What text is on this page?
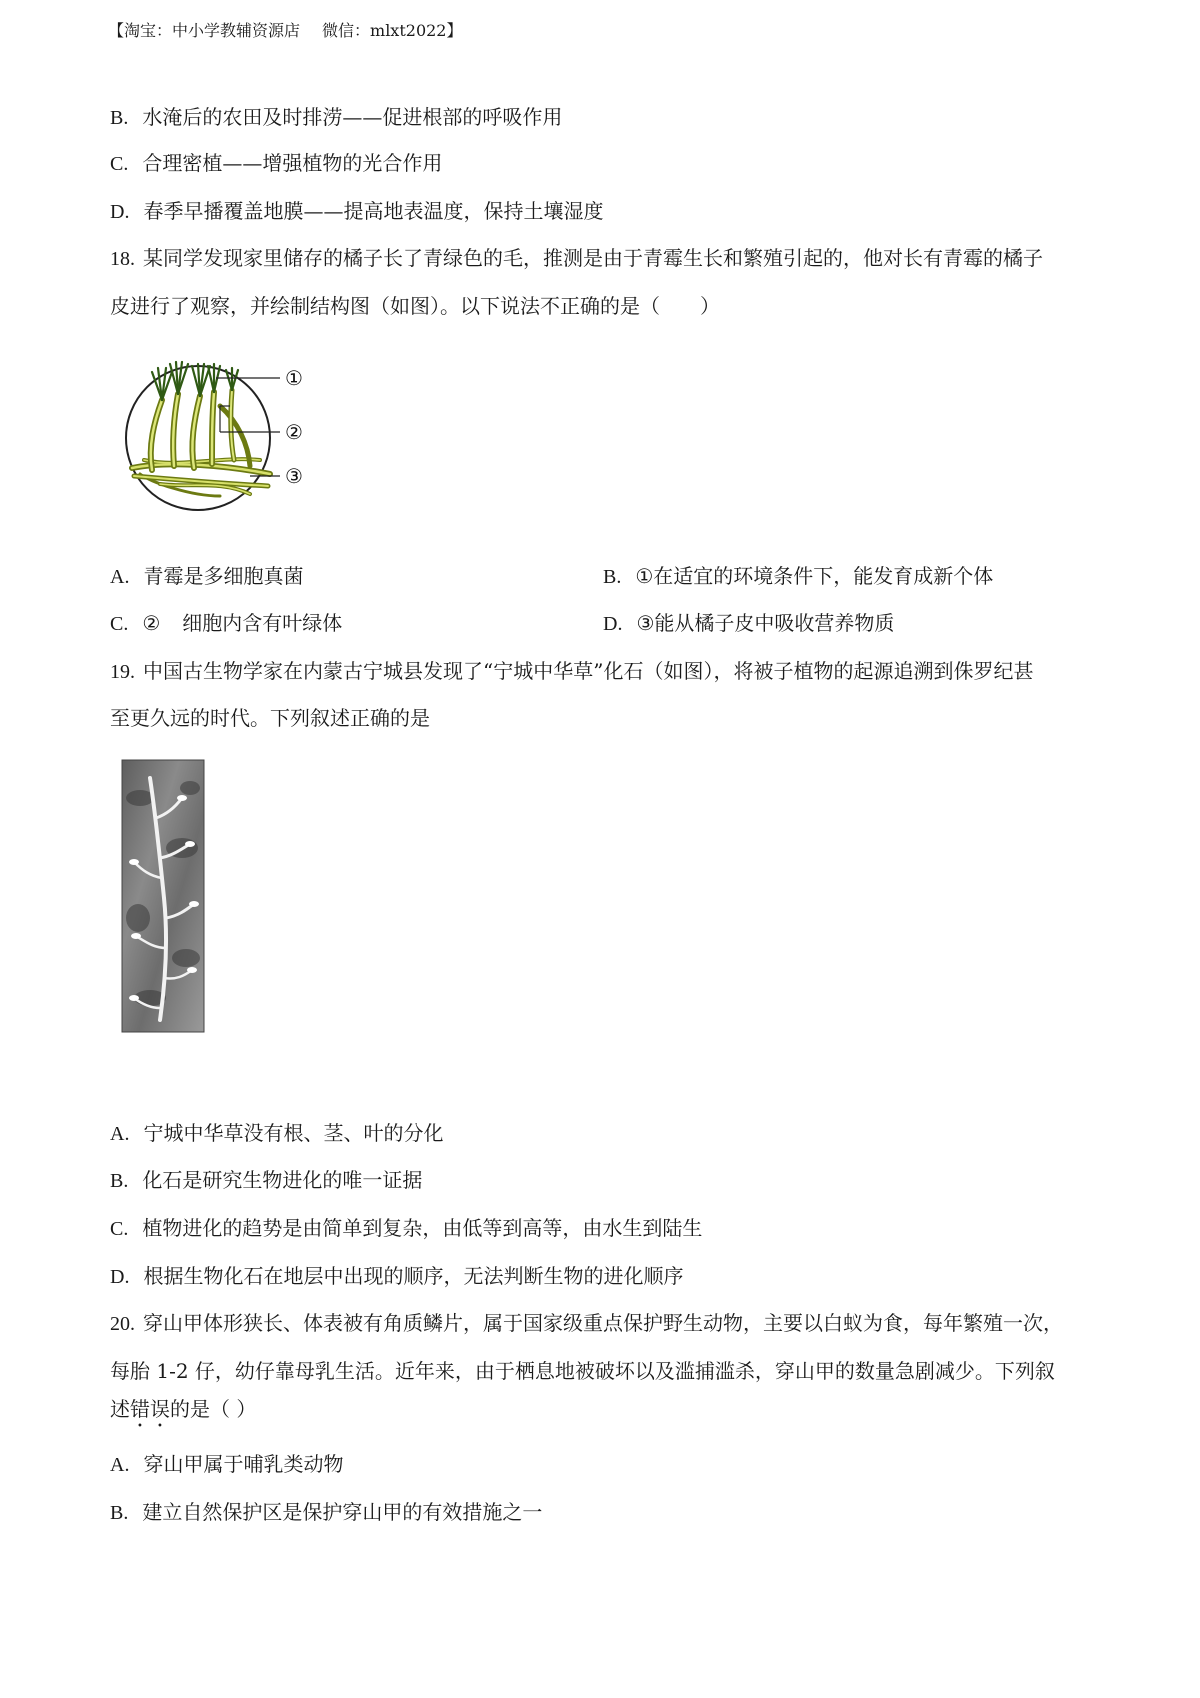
【淘宝：中小学教辅资源店 微信：mlxt2022】
B. 水淹后的农田及时排涝——促进根部的呼吸作用
C. 合理密植——增强植物的光合作用
D. 春季早播覆盖地膜——提高地表温度，保持土壤湿度
18. 某同学发现家里储存的橘子长了青绿色的毛，推测是由于青霉生长和繁殖引起的，他对长有青霉的橘子
皮进行了观察，并绘制结构图（如图）。以下说法不正确的是（　　）
①
②
③
A. 青霉是多细胞真菌	B. ①在适宜的环境条件下，能发育成新个体
C. ② 细胞内含有叶绿体	D. ③能从橘子皮中吸收营养物质
19. 中国古生物学家在内蒙古宁城县发现了“宁城中华草”化石（如图），将被子植物的起源追溯到侏罗纪甚
至更久远的时代。下列叙述正确的是
A. 宁城中华草没有根、茎、叶的分化
B. 化石是研究生物进化的唯一证据
C. 植物进化的趋势是由简单到复杂，由低等到高等，由水生到陆生
D. 根据生物化石在地层中出现的顺序，无法判断生物的进化顺序
20. 穿山甲体形狭长、体表被有角质鳞片，属于国家级重点保护野生动物，主要以白蚁为食，每年繁殖一次，
每胎 1-2 仔，幼仔靠母乳生活。近年来，由于栖息地被破坏以及滥捕滥杀，穿山甲的数量急剧减少。下列叙
述错误的是（ ）
A. 穿山甲属于哺乳类动物
B. 建立自然保护区是保护穿山甲的有效措施之一
